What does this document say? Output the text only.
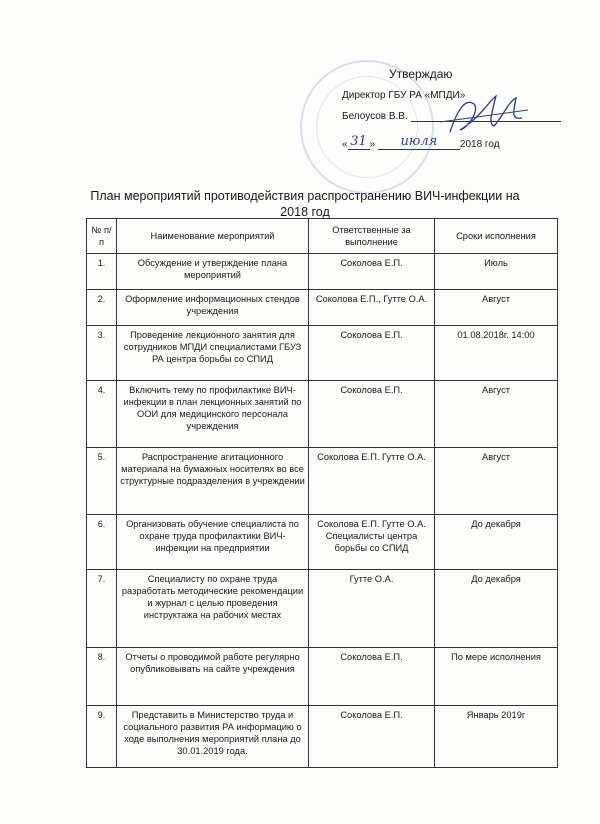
Утверждаю
Директор ГБУ РА «МПДИ»
Белоусов В.В.
« 31 » июля 2018 год
План мероприятий противодействия распространению ВИЧ-инфекции на 2018 год
№ п/п	Наименование мероприятий	Ответственные за выполнение	Сроки исполнения
1.	Обсуждение и утверждение плана мероприятий	Соколова Е.П.	Июль
2.	Оформление информационных стендов учреждения	Соколова Е.П., Гутте О.А.	Август
3.	Проведение лекционного занятия для сотрудников МПДИ специалистами ГБУЗ РА центра борьбы со СПИД	Соколова Е.П.	01.08.2018г. 14:00
4.	Включить тему по профилактике ВИЧ-инфекции в план лекционных занятий по ООИ для медицинского персонала учреждения	Соколова Е.П.	Август
5.	Распространение агитационного материала на бумажных носителях во все структурные подразделения в учреждении	Соколова Е.П. Гутте О.А.	Август
6.	Организовать обучение специалиста по охране труда профилактики ВИЧ-инфекции на предприятии	Соколова Е.П. Гутте О.А. Специалисты центра борьбы со СПИД	До декабря
7.	Специалисту по охране труда разработать методические рекомендации и журнал с целью проведения инструктажа на рабочих местах	Гутте О.А.	До декабря
8.	Отчеты о проводимой работе регулярно опубликовывать на сайте учреждения	Соколова Е.П.	По мере исполнения
9.	Представить в Министерство труда и социального развития РА информацию о ходе выполнения мероприятий плана до 30.01.2019 года.	Соколова Е.П.	Январь 2019г
